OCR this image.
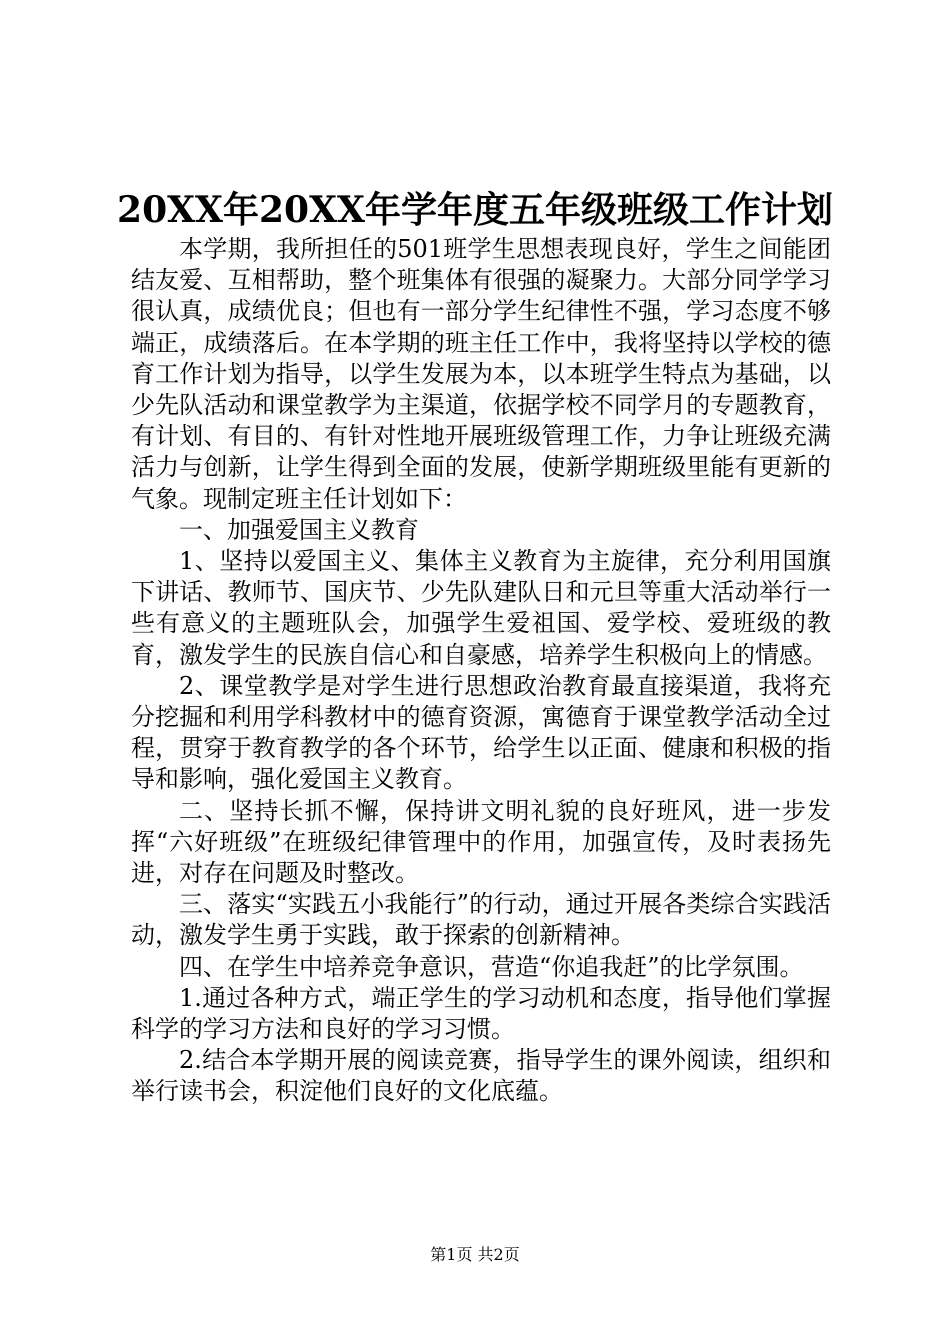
20XX年20XX年学年度五年级班级工作计划

本学期，我所担任的501班学生思想表现良好，学生之间能团结友爱、互相帮助，整个班集体有很强的凝聚力。大部分同学学习很认真，成绩优良；但也有一部分学生纪律性不强，学习态度不够端正，成绩落后。在本学期的班主任工作中，我将坚持以学校的德育工作计划为指导，以学生发展为本，以本班学生特点为基础，以少先队活动和课堂教学为主渠道，依据学校不同学月的专题教育，有计划、有目的、有针对性地开展班级管理工作，力争让班级充满活力与创新，让学生得到全面的发展，使新学期班级里能有更新的气象。现制定班主任计划如下：

一、加强爱国主义教育

1、坚持以爱国主义、集体主义教育为主旋律，充分利用国旗下讲话、教师节、国庆节、少先队建队日和元旦等重大活动举行一些有意义的主题班队会，加强学生爱祖国、爱学校、爱班级的教育，激发学生的民族自信心和自豪感，培养学生积极向上的情感。

2、课堂教学是对学生进行思想政治教育最直接渠道，我将充分挖掘和利用学科教材中的德育资源，寓德育于课堂教学活动全过程，贯穿于教育教学的各个环节，给学生以正面、健康和积极的指导和影响，强化爱国主义教育。

二、坚持长抓不懈，保持讲文明礼貌的良好班风，进一步发挥“六好班级”在班级纪律管理中的作用，加强宣传，及时表扬先进，对存在问题及时整改。

三、落实“实践五小我能行”的行动，通过开展各类综合实践活动，激发学生勇于实践，敢于探索的创新精神。

四、在学生中培养竞争意识，营造“你追我赶”的比学氛围。

1.通过各种方式，端正学生的学习动机和态度，指导他们掌握科学的学习方法和良好的学习习惯。

2.结合本学期开展的阅读竞赛，指导学生的课外阅读，组织和举行读书会，积淀他们良好的文化底蕴。

第1页 共2页
